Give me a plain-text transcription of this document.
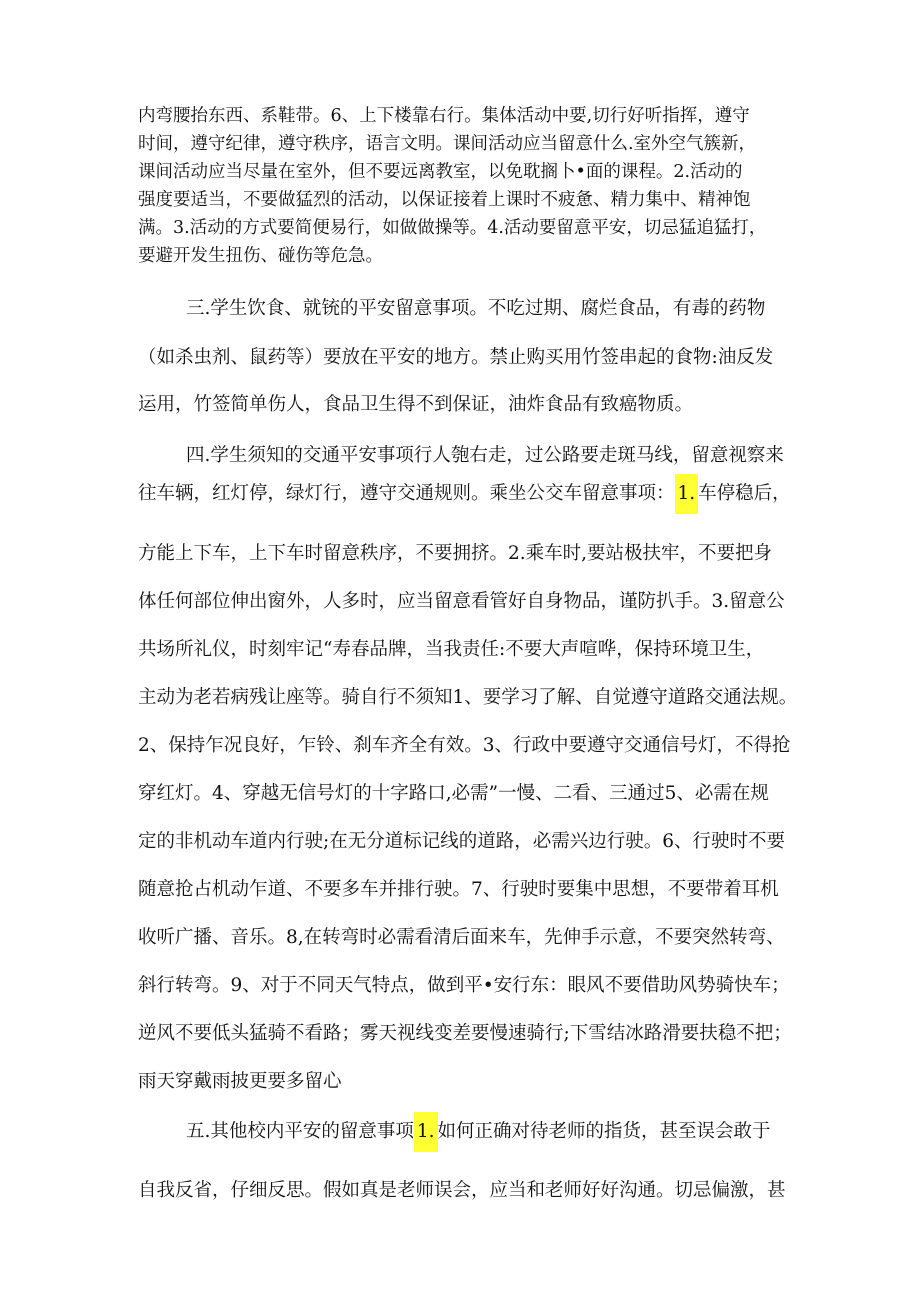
内弯腰抬东西、系鞋带。6、上下楼靠右行。集体活动中要,切行好听指挥，遵守
时间，遵守纪律，遵守秩序，语言文明。课间活动应当留意什么.室外空气簇新，
课间活动应当尽量在室外，但不要远离教室，以免耽搁卜•面的课程。2.活动的
强度要适当，不要做猛烈的活动，以保证接着上课时不疲惫、精力集中、精神饱
满。3.活动的方式要简便易行，如做做操等。4.活动要留意平安，切忌猛追猛打，
要避开发生扭伤、碰伤等危急。
三.学生饮食、就铳的平安留意事项。不吃过期、腐烂食品，有毒的药物
（如杀虫剂、鼠药等）要放在平安的地方。禁止购买用竹签串起的食物:油反发
运用，竹签简单伤人，食品卫生得不到保证，油炸食品有致癌物质。
四.学生须知的交通平安事项行人匏右走，过公路要走斑马线，留意视察来
往车辆，红灯停，绿灯行，遵守交通规则。乘坐公交车留意事项： 1. 车停稳后，
方能上下车，上下车时留意秩序，不要拥挤。2.乘车时,要站极扶牢，不要把身
体任何部位伸出窗外，人多时，应当留意看管好自身物品，谨防扒手。3.留意公
共场所礼仪，时刻牢记“寿春品牌，当我责任:不要大声喧哗，保持环境卫生，
主动为老若病残让座等。骑自行不须知1、要学习了解、自觉遵守道路交通法规。
2、保持乍况良好，乍铃、刹车齐全有效。3、行政中要遵守交通信号灯，不得抢
穿红灯。4、穿越无信号灯的十字路口,必需”一慢、二看、三通过5、必需在规
定的非机动车道内行驶;在无分道标记线的道路，必需兴边行驶。6、行驶时不要
随意抢占机动乍道、不要多车并排行驶。7、行驶时要集中思想，不要带着耳机
收听广播、音乐。8,在转弯时必需看清后面来车，先伸手示意，不要突然转弯、
斜行转弯。9、对于不同天气特点，做到平•安行东：眼风不要借助风势骑快车；
逆风不要低头猛骑不看路；雾天视线变差要慢速骑行;下雪结冰路滑要扶稳不把；
雨天穿戴雨披更要多留心
五.其他校内平安的留意事项 1. 如何正确对待老师的指货，甚至误会敢于
自我反省，仔细反思。假如真是老师误会，应当和老师好好沟通。切忌偏激，甚
